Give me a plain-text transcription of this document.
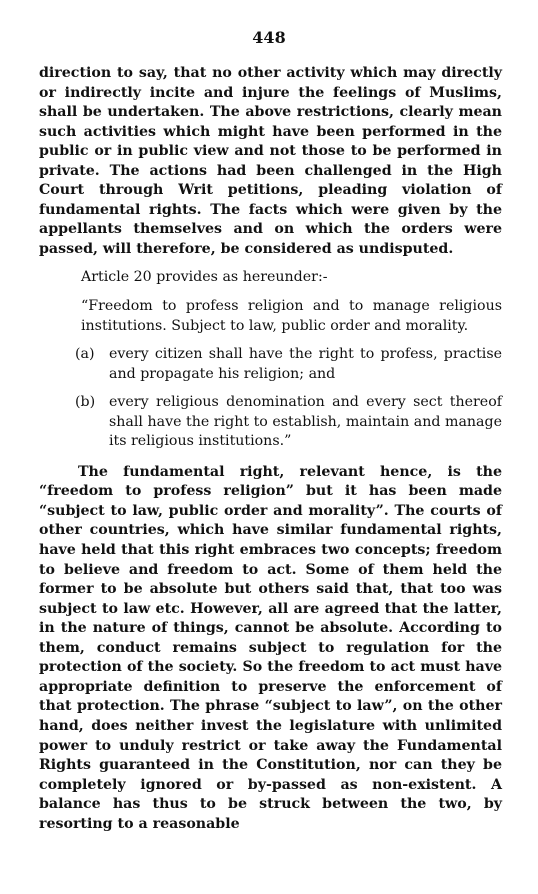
448

direction to say, that no other activity which may directly or indirectly incite and injure the feelings of Muslims, shall be undertaken. The above restrictions, clearly mean such activities which might have been performed in the public or in public view and not those to be performed in private. The actions had been challenged in the High Court through Writ petitions, pleading violation of fundamental rights. The facts which were given by the appellants themselves and on which the orders were passed, will therefore, be considered as undisputed.

Article 20 provides as hereunder:-

“Freedom to profess religion and to manage religious institutions. Subject to law, public order and morality.

(a)	every citizen shall have the right to profess, practise and propagate his religion; and
(b) every religious denomination and every sect thereof shall have the right to establish, maintain and manage its religious institutions.”

The fundamental right, relevant hence, is the “freedom to profess religion” but it has been made “subject to law, public order and morality”. The courts of other countries, which have similar fundamental rights, have held that this right embraces two concepts; freedom to believe and freedom to act. Some of them held the former to be absolute but others said that, that too was subject to law etc. However, all are agreed that the latter, in the nature of things, cannot be absolute. According to them, conduct remains subject to regulation for the protection of the society. So the freedom to act must have appropriate definition to preserve the enforcement of that protection. The phrase “subject to law”, on the other hand, does neither invest the legislature with unlimited power to unduly restrict or take away the Fundamental Rights guaranteed in the Constitution, nor can they be completely ignored or by-passed as non-existent. A balance has thus to be struck between the two, by resorting to a reasonable
